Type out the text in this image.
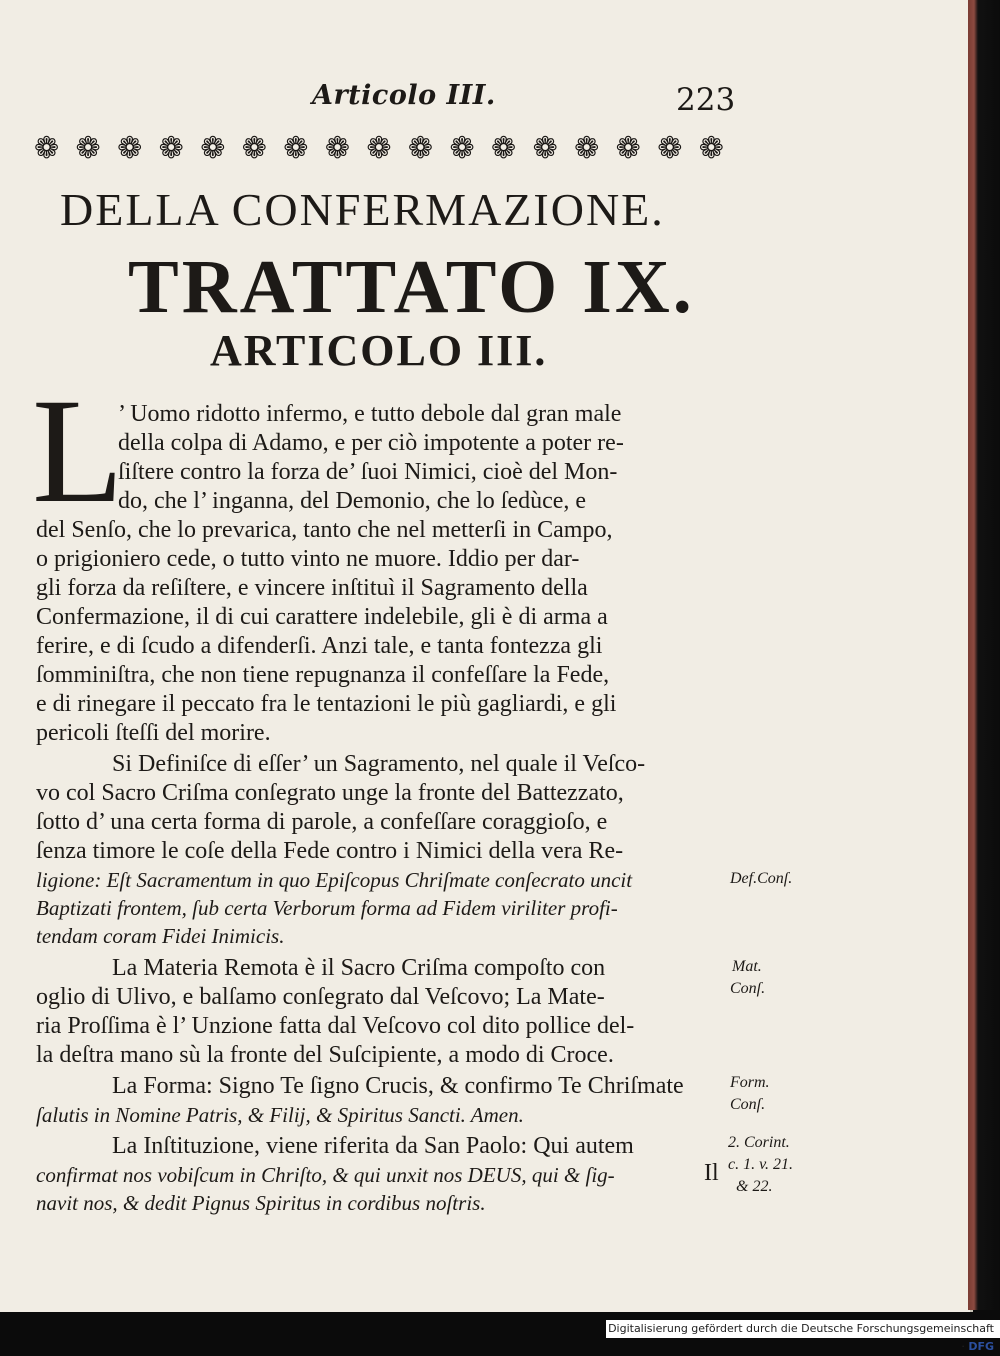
Articolo III.	223
❁ ❁ ❁ ❁ ❁ ❁ ❁ ❁ ❁ ❁ ❁ ❁ ❁ ❁ ❁ ❁ ❁
DELLA CONFERMAZIONE.
TRATTATO IX.
ARTICOLO III.
L
’ Uomo ridotto infermo, e tutto debole dal gran male
della colpa di Adamo, e per ciò impotente a poter re-
ſiſtere contro la forza de’ ſuoi Nimici, cioè del Mon-
do, che l’ inganna, del Demonio, che lo ſedùce, e
del Senſo, che lo prevarica, tanto che nel metterſi in Campo,
o prigioniero cede, o tutto vinto ne muore. Iddio per dar-
gli forza da reſiſtere, e vincere inſtituì il Sagramento della
Confermazione, il di cui carattere indelebile, gli è di arma a
ferire, e di ſcudo a difenderſi. Anzi tale, e tanta fontezza gli
ſomminiſtra, che non tiene repugnanza il confeſſare la Fede,
e di rinegare il peccato fra le tentazioni le più gagliardi, e gli
pericoli ſteſſi del morire.
Si Definiſce di eſſer’ un Sagramento, nel quale il Veſco-
vo col Sacro Criſma conſegrato unge la fronte del Battezzato,
ſotto d’ una certa forma di parole, a confeſſare coraggioſo, e
ſenza timore le coſe della Fede contro i Nimici della vera Re-
ligione: Eſt Sacramentum in quo Epiſcopus Chriſmate conſecrato uncit
Baptizati frontem, ſub certa Verborum forma ad Fidem viriliter profi-
tendam coram Fidei Inimicis.
La Materia Remota è il Sacro Criſma compoſto con
oglio di Ulivo, e balſamo conſegrato dal Veſcovo; La Mate-
ria Proſſima è l’ Unzione fatta dal Veſcovo col dito pollice del-
la deſtra mano sù la fronte del Suſcipiente, a modo di Croce.
La Forma: Signo Te ſigno Crucis, & confirmo Te Chriſmate
ſalutis in Nomine Patris, & Filij, & Spiritus Sancti. Amen.
La Inſtituzione, viene riferita da San Paolo: Qui autem
confirmat nos vobiſcum in Chriſto, & qui unxit nos DEUS, qui & ſig-
navit nos, & dedit Pignus Spiritus in cordibus noſtris.
Def.Conſ.
Mat.
Conſ.
Form.
Conſ.
2. Corint.
c. 1. v. 21.
& 22.
Il
Digitalisierung gefördert durch die Deutsche Forschungsgemeinschaft · DFG
